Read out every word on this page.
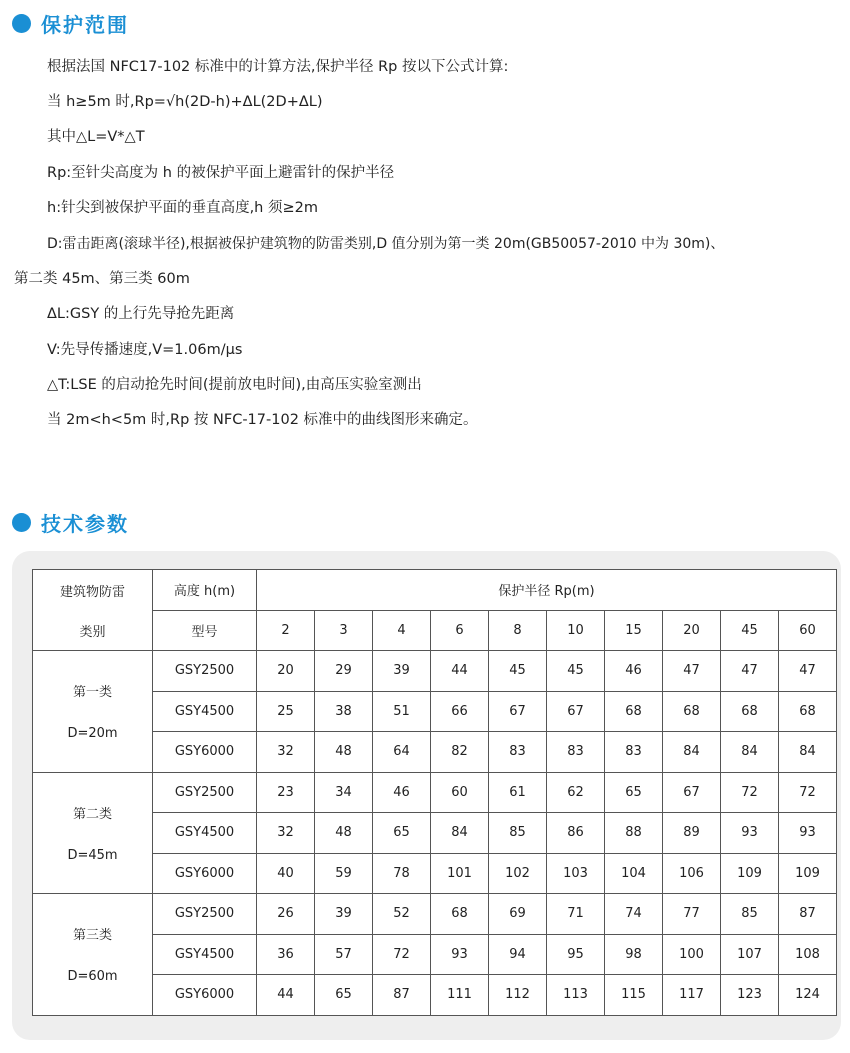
保护范围
根据法国 NFC17-102 标准中的计算方法,保护半径 Rp 按以下公式计算:
当 h≥5m 时,Rp=√h(2D-h)+ΔL(2D+ΔL)
其中△L=V*△T
Rp:至针尖高度为 h 的被保护平面上避雷针的保护半径
h:针尖到被保护平面的垂直高度,h 须≥2m
D:雷击距离(滚球半径),根据被保护建筑物的防雷类别,D 值分别为第一类 20m(GB50057-2010 中为 30m)、
第二类 45m、第三类 60m
ΔL:GSY 的上行先导抢先距离
V:先导传播速度,V=1.06m/μs
△T:LSE 的启动抢先时间(提前放电时间),由高压实验室测出
当 2m<h<5m 时,Rp 按 NFC-17-102 标准中的曲线图形来确定。
技术参数
建筑物防雷	高度 h(m)	保护半径 Rp(m)									
类别	型号	2	3	4	6	8	10	15	20	45	60

第一类
D=20m	GSY2500	20	29	39	44	45	45	46	47	47	47
	GSY4500	25	38	51	66	67	67	68	68	68	68
	GSY6000	32	48	64	82	83	83	83	84	84	84

第二类
D=45m	GSY2500	23	34	46	60	61	62	65	67	72	72
	GSY4500	32	48	65	84	85	86	88	89	93	93
	GSY6000	40	59	78	101	102	103	104	106	109	109

第三类
D=60m	GSY2500	26	39	52	68	69	71	74	77	85	87
	GSY4500	36	57	72	93	94	95	98	100	107	108
	GSY6000	44	65	87	111	112	113	115	117	123	124
